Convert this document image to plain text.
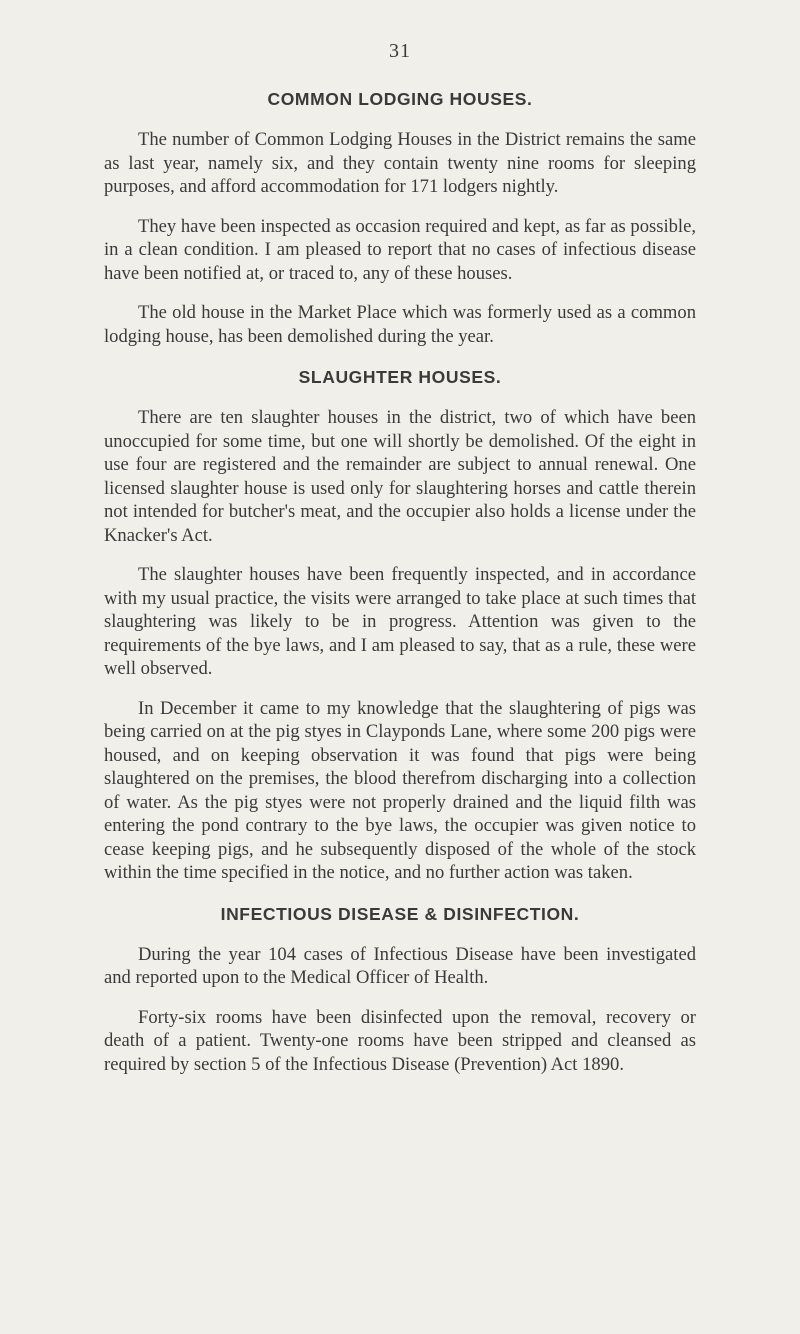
31
COMMON LODGING HOUSES.

The number of Common Lodging Houses in the District remains the same as last year, namely six, and they contain twenty nine rooms for sleeping purposes, and afford accommodation for 171 lodgers nightly.

They have been inspected as occasion required and kept, as far as possible, in a clean condition. I am pleased to report that no cases of infectious disease have been notified at, or traced to, any of these houses.

The old house in the Market Place which was formerly used as a common lodging house, has been demolished during the year.

SLAUGHTER HOUSES.

There are ten slaughter houses in the district, two of which have been unoccupied for some time, but one will shortly be demolished. Of the eight in use four are registered and the remainder are subject to annual renewal. One licensed slaughter house is used only for slaughtering horses and cattle therein not intended for butcher's meat, and the occupier also holds a license under the Knacker's Act.

The slaughter houses have been frequently inspected, and in accordance with my usual practice, the visits were arranged to take place at such times that slaughtering was likely to be in progress. Attention was given to the requirements of the bye laws, and I am pleased to say, that as a rule, these were well observed.

In December it came to my knowledge that the slaughtering of pigs was being carried on at the pig styes in Clayponds Lane, where some 200 pigs were housed, and on keeping observation it was found that pigs were being slaughtered on the premises, the blood therefrom discharging into a collection of water. As the pig styes were not properly drained and the liquid filth was entering the pond contrary to the bye laws, the occupier was given notice to cease keeping pigs, and he subsequently disposed of the whole of the stock within the time specified in the notice, and no further action was taken.

INFECTIOUS DISEASE & DISINFECTION.

During the year 104 cases of Infectious Disease have been investigated and reported upon to the Medical Officer of Health.

Forty-six rooms have been disinfected upon the removal, recovery or death of a patient. Twenty-one rooms have been stripped and cleansed as required by section 5 of the Infectious Disease (Prevention) Act 1890.
